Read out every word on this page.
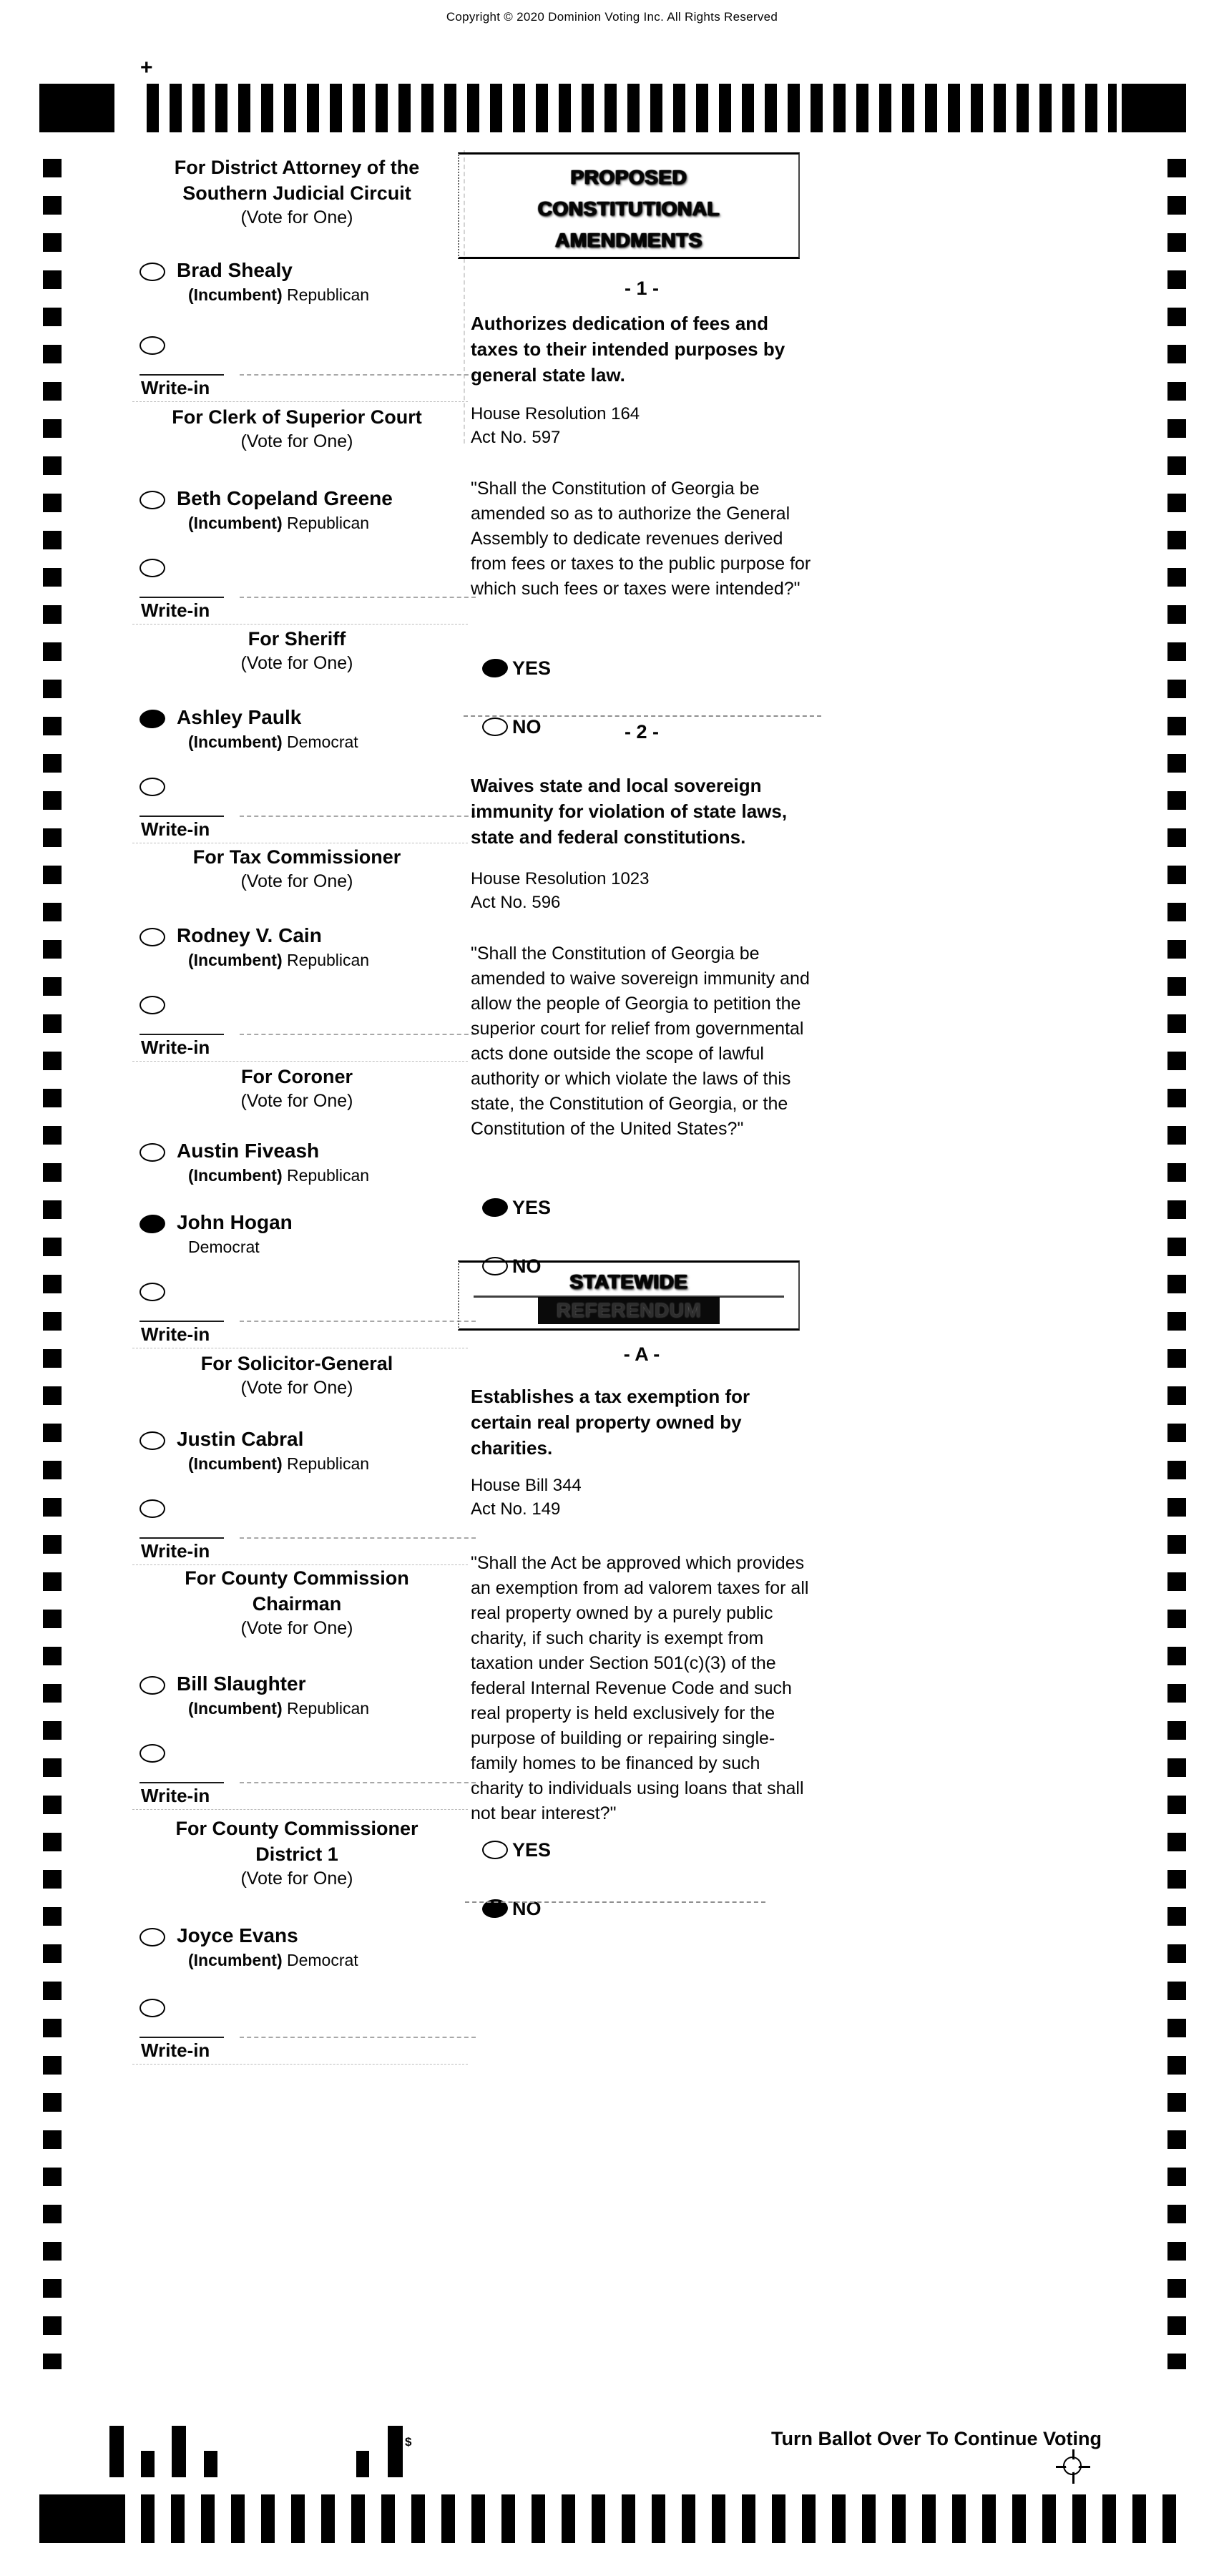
Copyright © 2020 Dominion Voting Inc. All Rights Reserved
+
For District Attorney of the
Southern Judicial Circuit
(Vote for One)
Brad Shealy
(Incumbent) Republican
Write-in
For Clerk of Superior Court
(Vote for One)
Beth Copeland Greene
(Incumbent) Republican
Write-in
For Sheriff
(Vote for One)
Ashley Paulk
(Incumbent) Democrat
Write-in
For Tax Commissioner
(Vote for One)
Rodney V. Cain
(Incumbent) Republican
Write-in
For Coroner
(Vote for One)
Austin Fiveash
(Incumbent) Republican
John Hogan
Democrat
Write-in
For Solicitor-General
(Vote for One)
Justin Cabral
(Incumbent) Republican
Write-in
For County Commission
Chairman
(Vote for One)
Bill Slaughter
(Incumbent) Republican
Write-in
For County Commissioner
District 1
(Vote for One)
Joyce Evans
(Incumbent) Democrat
Write-in
PROPOSED
CONSTITUTIONAL
AMENDMENTS
- 1 -
Authorizes dedication of fees and taxes to their intended purposes by general state law.
House Resolution 164
Act No. 597
"Shall the Constitution of Georgia be amended so as to authorize the General Assembly to dedicate revenues derived from fees or taxes to the public purpose for which such fees or taxes were intended?"
YES
NO	- 2 -
Waives state and local sovereign immunity for violation of state laws, state and federal constitutions.
House Resolution 1023
Act No. 596
"Shall the Constitution of Georgia be amended to waive sovereign immunity and allow the people of Georgia to petition the superior court for relief from governmental acts done outside the scope of lawful authority or which violate the laws of this state, the Constitution of Georgia, or the Constitution of the United States?"
YES
NO
STATEWIDE
REFERENDUM
- A -
Establishes a tax exemption for certain real property owned by charities.
House Bill 344
Act No. 149
"Shall the Act be approved which provides an exemption from ad valorem taxes for all real property owned by a purely public charity, if such charity is exempt from taxation under Section 501(c)(3) of the federal Internal Revenue Code and such real property is held exclusively for the purpose of building or repairing single-family homes to be financed by such charity to individuals using loans that shall not bear interest?"
YES
NO
$	Turn Ballot Over To Continue Voting
